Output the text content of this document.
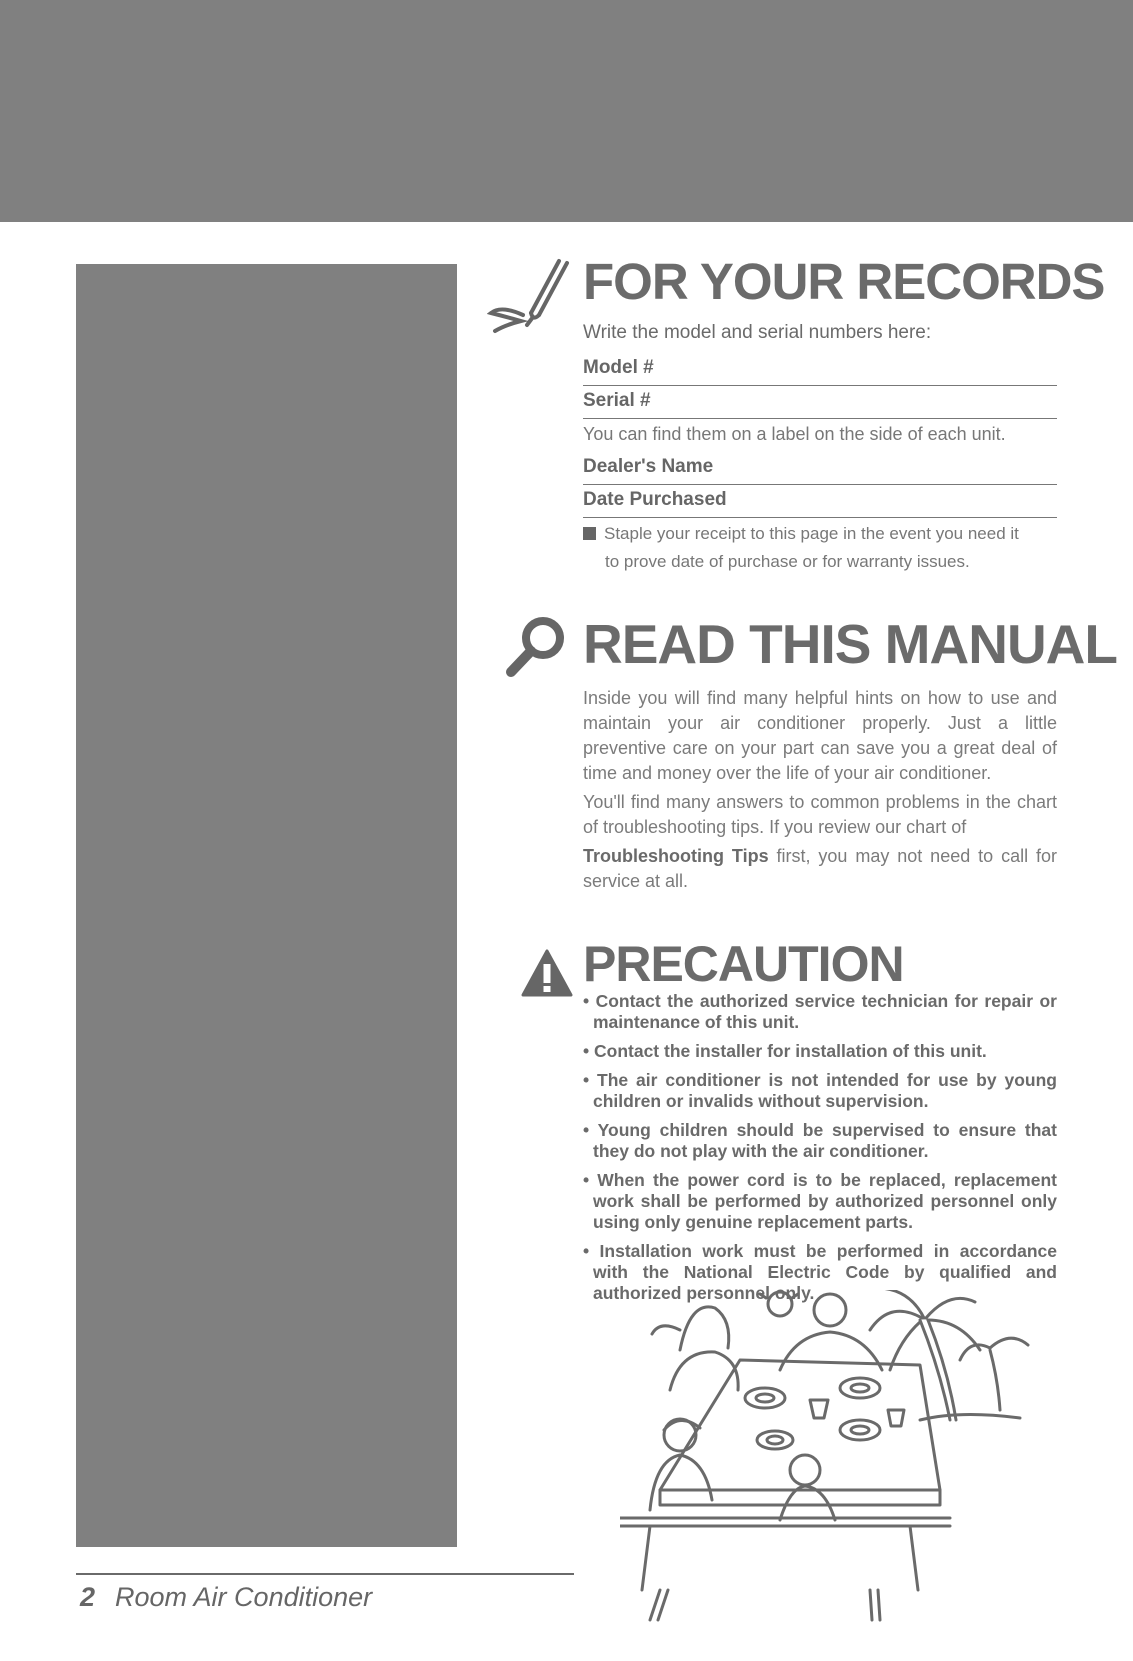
FOR YOUR RECORDS
Write the model and serial numbers here:
Model #
Serial #
You can find them on a label on the side of each unit.
Dealer's Name
Date Purchased
Staple your receipt to this page in the event you need it
to prove date of purchase or for warranty issues.
READ THIS MANUAL

Inside you will find many helpful hints on how to use and maintain your air conditioner properly. Just a little preventive care on your part can save you a great deal of time and money over the life of your air conditioner.

You'll find many answers to common problems in the chart of troubleshooting tips. If you review our chart of

Troubleshooting Tips first, you may not need to call for service at all.

PRECAUTION

• Contact the authorized service technician for repair or maintenance of this unit.

• Contact the installer for installation of this unit.

• The air conditioner is not intended for use by young children or invalids without supervision.

• Young children should be supervised to ensure that they do not play with the air conditioner.

• When the power cord is to be replaced, replacement work shall be performed by authorized personnel only using only genuine replacement parts.

• Installation work must be performed in accordance with the National Electric Code by qualified and authorized personnel only.

2 Room Air Conditioner
